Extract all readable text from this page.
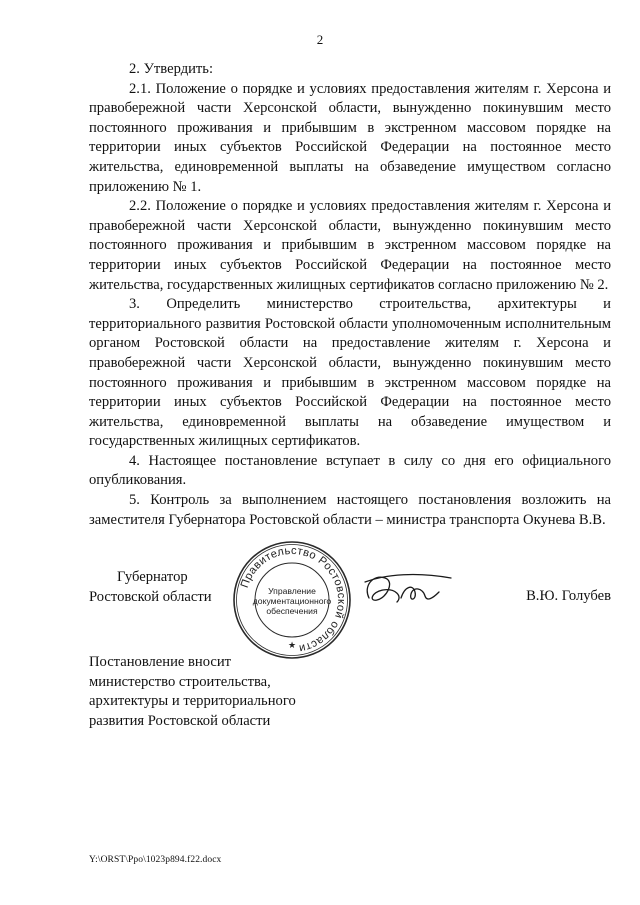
2

2. Утвердить:

2.1. Положение о порядке и условиях предоставления жителям г. Херсона и правобережной части Херсонской области, вынужденно покинувшим место постоянного проживания и прибывшим в экстренном массовом порядке на территории иных субъектов Российской Федерации на постоянное место жительства, единовременной выплаты на обзаведение имуществом согласно приложению № 1.

2.2. Положение о порядке и условиях предоставления жителям г. Херсона и правобережной части Херсонской области, вынужденно покинувшим место постоянного проживания и прибывшим в экстренном массовом порядке на территории иных субъектов Российской Федерации на постоянное место жительства, государственных жилищных сертификатов согласно приложению № 2.

3. Определить министерство строительства, архитектуры и территориального развития Ростовской области уполномоченным исполнительным органом Ростовской области на предоставление жителям г. Херсона и правобережной части Херсонской области, вынужденно покинувшим место постоянного проживания и прибывшим в экстренном массовом порядке на территории иных субъектов Российской Федерации на постоянное место жительства, единовременной выплаты на обзаведение имуществом и государственных жилищных сертификатов.

4. Настоящее постановление вступает в силу со дня его официального опубликования.

5. Контроль за выполнением настоящего постановления возложить на заместителя Губернатора Ростовской области – министра транспорта Окунева В.В.

Губернатор
Ростовской области
Правительство Ростовской области
Управление
документационного
обеспечения
★
В.Ю. Голубев
Постановление вносит
министерство строительства,
архитектуры и территориального
развития Ростовской области
Y:\ORST\Ppo\1023p894.f22.docx
